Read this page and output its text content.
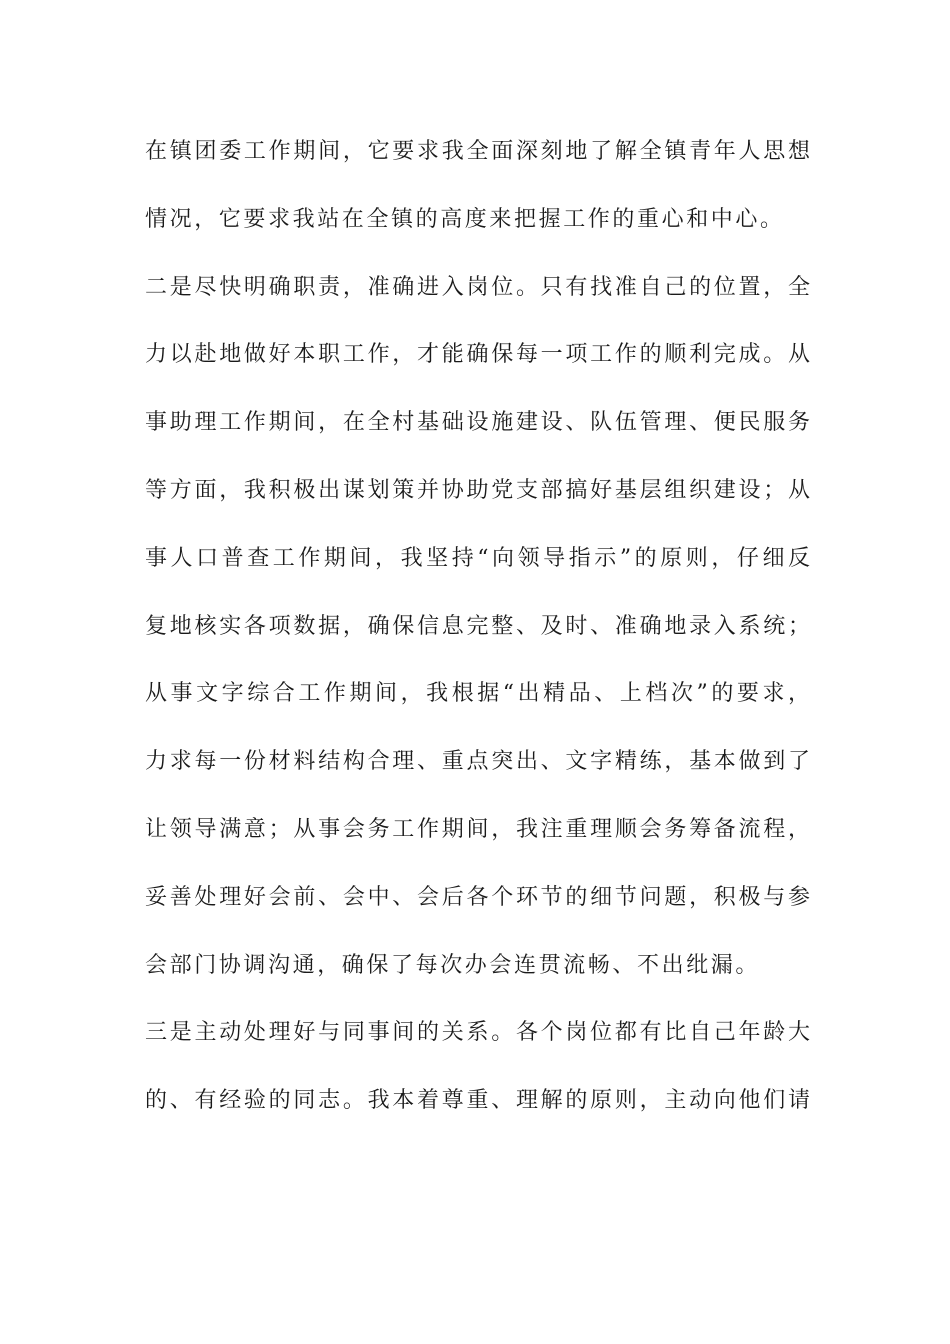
在镇团委工作期间，它要求我全面深刻地了解全镇青年人思想
情况，它要求我站在全镇的高度来把握工作的重心和中心。
二是尽快明确职责，准确进入岗位。只有找准自己的位置，全
力以赴地做好本职工作，才能确保每一项工作的顺利完成。从
事助理工作期间，在全村基础设施建设、队伍管理、便民服务
等方面，我积极出谋划策并协助党支部搞好基层组织建设；从
事人口普查工作期间，我坚持“向领导指示”的原则，仔细反
复地核实各项数据，确保信息完整、及时、准确地录入系统；
从事文字综合工作期间，我根据“出精品、上档次”的要求，
力求每一份材料结构合理、重点突出、文字精练，基本做到了
让领导满意；从事会务工作期间，我注重理顺会务筹备流程，
妥善处理好会前、会中、会后各个环节的细节问题，积极与参
会部门协调沟通，确保了每次办会连贯流畅、不出纰漏。
三是主动处理好与同事间的关系。各个岗位都有比自己年龄大
的、有经验的同志。我本着尊重、理解的原则，主动向他们请
